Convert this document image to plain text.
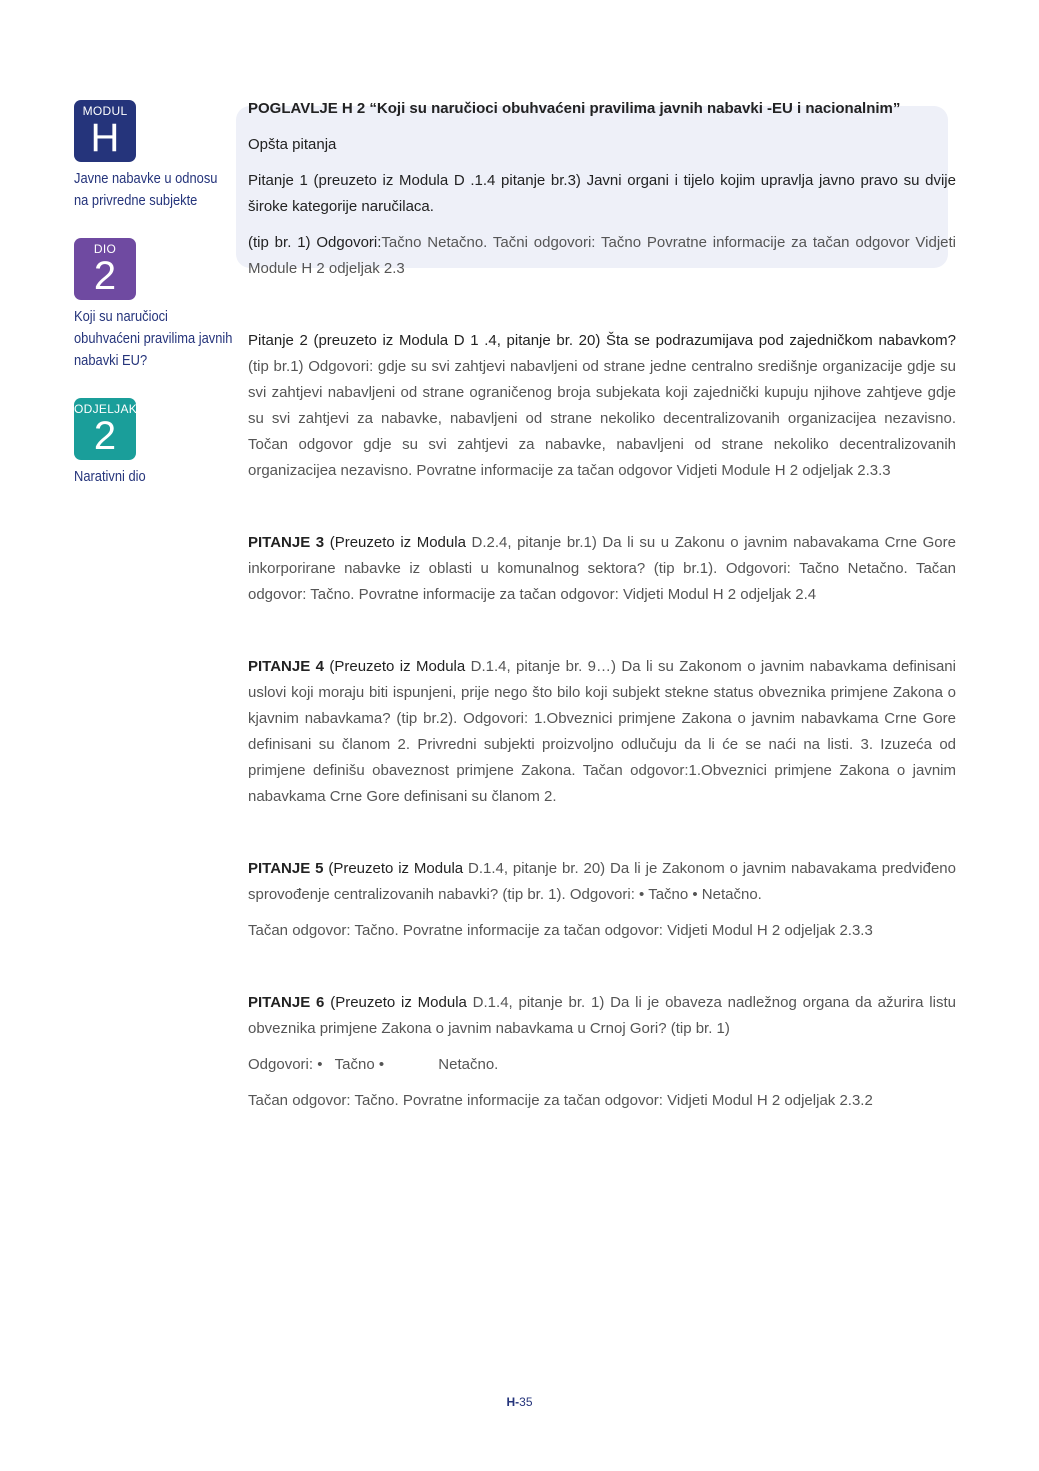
MODUL
H
Javne nabavke u odnosu na privredne subjekte
DIO
2
Koji su naručioci obuhvaćeni pravilima javnih nabavki EU?
ODJELJAK
2
Narativni dio

POGLAVLJE H 2 “Koji su naručioci obuhvaćeni pravilima javnih nabavki -EU i nacionalnim”

Opšta pitanja

Pitanje 1 (preuzeto iz Modula D .1.4 pitanje br.3) Javni organi i tijelo kojim upravlja javno pravo su dvije široke kategorije naručilaca.

(tip br. 1) Odgovori:Tačno Netačno. Tačni odgovori: Tačno Povratne informacije za tačan odgovor Vidjeti Module H 2 odjeljak 2.3

Pitanje 2 (preuzeto iz Modula D 1 .4, pitanje br. 20) Šta se podrazumijava pod zajedničkom nabavkom? (tip br.1) Odgovori: gdje su svi zahtjevi nabavljeni od strane jedne centralno središnje organizacije gdje su svi zahtjevi nabavljeni od strane ograničenog broja subjekata koji zajednički kupuju njihove zahtjeve gdje su svi zahtjevi za nabavke, nabavljeni od strane nekoliko decentralizovanih organizacijea nezavisno. Točan odgovor gdje su svi zahtjevi za nabavke, nabavljeni od strane nekoliko decentralizovanih organizacijea nezavisno. Povratne informacije za tačan odgovor Vidjeti Module H 2 odjeljak 2.3.3

PITANJE 3 (Preuzeto iz Modula D.2.4, pitanje br.1) Da li su u Zakonu o javnim nabavakama Crne Gore inkorporirane nabavke iz oblasti u komunalnog sektora? (tip br.1). Odgovori: Tačno Netačno. Tačan odgovor: Tačno. Povratne informacije za tačan odgovor: Vidjeti Modul H 2 odjeljak 2.4

PITANJE 4 (Preuzeto iz Modula D.1.4, pitanje br. 9…) Da li su Zakonom o javnim nabavkama definisani uslovi koji moraju biti ispunjeni, prije nego što bilo koji subjekt stekne status obveznika primjene Zakona o kjavnim nabavkama? (tip br.2). Odgovori: 1.Obveznici primjene Zakona o javnim nabavkama Crne Gore definisani su članom 2. Privredni subjekti proizvoljno odlučuju da li će se naći na listi. 3. Izuzeća od primjene definišu obaveznost primjene Zakona. Tačan odgovor:1.Obveznici primjene Zakona o javnim nabavkama Crne Gore definisani su članom 2.

PITANJE 5 (Preuzeto iz Modula D.1.4, pitanje br. 20) Da li je Zakonom o javnim nabavakama predviđeno sprovođenje centralizovanih nabavki? (tip br. 1). Odgovori: • Tačno • Netačno.

Tačan odgovor: Tačno. Povratne informacije za tačan odgovor: Vidjeti Modul H 2 odjeljak 2.3.3

PITANJE 6 (Preuzeto iz Modula D.1.4, pitanje br. 1) Da li je obaveza nadležnog organa da ažurira listu obveznika primjene Zakona o javnim nabavkama u Crnoj Gori? (tip br. 1)

Odgovori: •   Tačno •             Netačno.

Tačan odgovor: Tačno. Povratne informacije za tačan odgovor: Vidjeti Modul H 2 odjeljak 2.3.2

H-35
